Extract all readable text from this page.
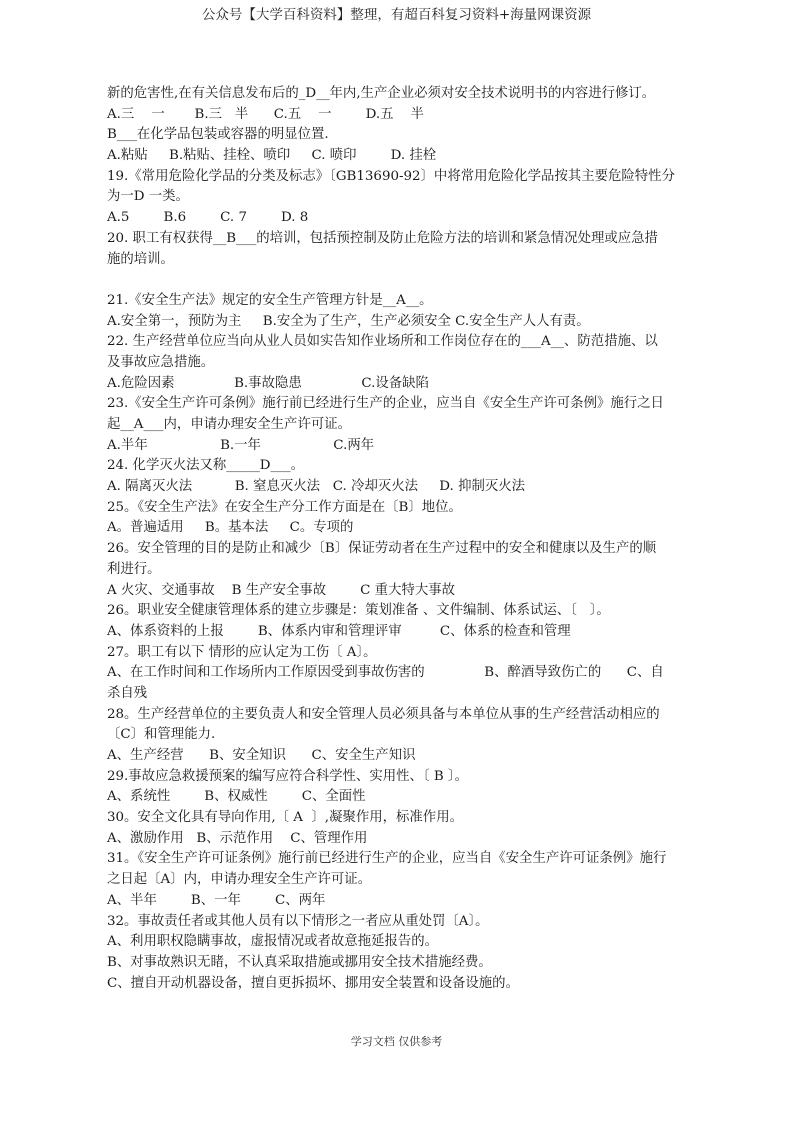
公众号【大学百科资料】整理，有超百科复习资料+海量网课资源
新的危害性,在有关信息发布后的_D__年内,生产企业必须对安全技术说明书的内容进行修订。
A.三    一       B.三   半      C.五    一        D.五    半
B___在化学品包装或容器的明显位置.
A.粘贴     B.粘贴、挂栓、喷印     C. 喷印        D. 挂栓
19.《常用危险化学品的分类及标志》〔GB13690-92〕中将常用危险化学品按其主要危险特性分
为一D 一类。
A.5        B.6        C. 7        D. 8
20. 职工有权获得__B___的培训，包括预控制及防止危险方法的培训和紧急情况处理或应急措
施的培训。
21.《安全生产法》规定的安全生产管理方针是__A__。
A.安全第一，预防为主     B.安全为了生产，生产必须安全 C.安全生产人人有责。
22. 生产经营单位应当向从业人员如实告知作业场所和工作岗位存在的___A__、防范措施、以
及事故应急措施。
A.危险因素              B.事故隐患              C.设备缺陷
23.《安全生产许可条例》施行前已经进行生产的企业，应当自《安全生产许可条例》施行之日
起__A___内，申请办理安全生产许可证。
A.半年                 B.一年                 C.两年
24. 化学灭火法又称_____D___。
A. 隔离灭火法          B. 窒息灭火法   C. 冷却灭火法     D. 抑制灭火法
25。《安全生产法》在安全生产分工作方面是在〔B〕地位。
A。普遍适用     B。基本法     C。专项的
26。安全管理的目的是防止和减少〔B〕保证劳动者在生产过程中的安全和健康以及生产的顺
利进行。
A 火灾、交通事故    B 生产安全事故        C 重大特大事故
26。职业安全健康管理体系的建立步骤是：策划准备 、文件编制、体系试运、〔   〕。
A、体系资料的上报        B、体系内审和管理评审         C、体系的检查和管理
27。职工有以下 情形的应认定为工伤〔 A〕。
A、在工作时间和工作场所内工作原因受到事故伤害的              B、醉酒导致伤亡的      C、自
杀自残
28。生产经营单位的主要负责人和安全管理人员必须具备与本单位从事的生产经营活动相应的
〔C〕和管理能力.
A、生产经营      B、安全知识      C、安全生产知识
29.事故应急救援预案的编写应符合科学性、实用性、〔 B 〕。
A、系统性        B、权威性        C、全面性
30。安全文化具有导向作用,〔 A  〕,凝聚作用，标准作用。
A、激励作用   B、示范作用    C、管理作用
31。《安全生产许可证条例》施行前已经进行生产的企业，应当自《安全生产许可证条例》施行
之日起〔A〕内，申请办理安全生产许可证。
A、半年        B、一年        C、两年
32。事故责任者或其他人员有以下情形之一者应从重处罚〔A〕。
A、利用职权隐瞒事故，虚报情况或者故意拖延报告的。
B、对事故熟识无睹，不认真采取措施或挪用安全技术措施经费。
C、擅自开动机器设备，擅自更拆损坏、挪用安全装置和设备设施的。
学习文档 仅供参考
